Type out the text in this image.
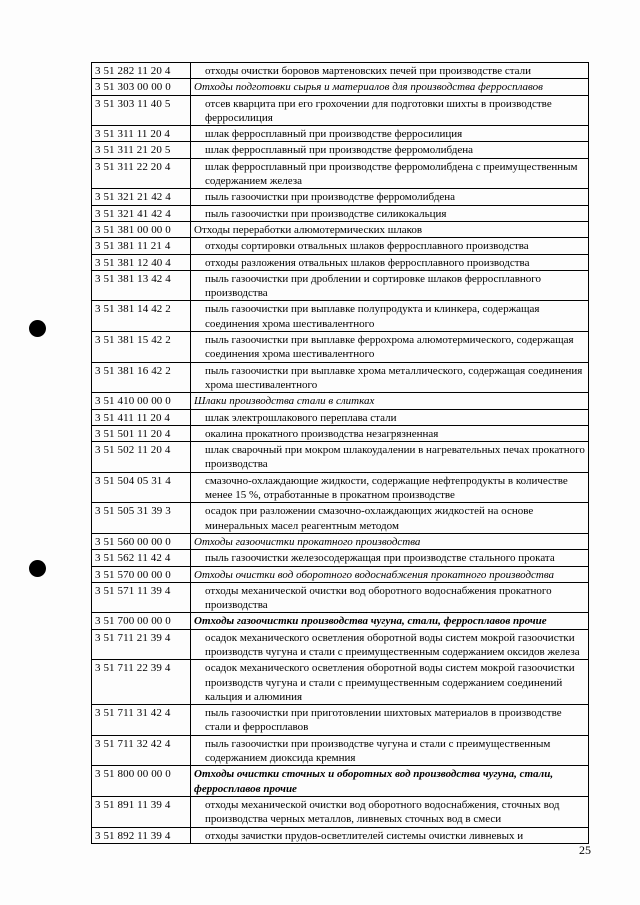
3 51 282 11 20 4	отходы очистки боровов мартеновских печей при производстве стали
3 51 303 00 00 0	Отходы подготовки сырья и материалов для производства ферросплавов
3 51 303 11 40 5	отсев кварцита при его грохочении для подготовки шихты в производстве ферросилиция
3 51 311 11 20 4	шлак ферросплавный при производстве ферросилиция
3 51 311 21 20 5	шлак ферросплавный при производстве ферромолибдена
3 51 311 22 20 4	шлак ферросплавный при производстве ферромолибдена с преимущественным содержанием железа
3 51 321 21 42 4	пыль газоочистки при производстве ферромолибдена
3 51 321 41 42 4	пыль газоочистки при производстве силикокальция
3 51 381 00 00 0	Отходы переработки алюмотермических шлаков
3 51 381 11 21 4	отходы сортировки отвальных шлаков ферросплавного производства
3 51 381 12 40 4	отходы разложения отвальных шлаков ферросплавного производства
3 51 381 13 42 4	пыль газоочистки при дроблении и сортировке шлаков ферросплавного производства
3 51 381 14 42 2	пыль газоочистки при выплавке полупродукта и клинкера, содержащая соединения хрома шестивалентного
3 51 381 15 42 2	пыль газоочистки при выплавке феррохрома алюмотермического, содержащая соединения хрома шестивалентного
3 51 381 16 42 2	пыль газоочистки при выплавке хрома металлического, содержащая соединения хрома шестивалентного
3 51 410 00 00 0	Шлаки производства стали в слитках
3 51 411 11 20 4	шлак электрошлакового переплава стали
3 51 501 11 20 4	окалина прокатного производства незагрязненная
3 51 502 11 20 4	шлак сварочный при мокром шлакоудалении в нагревательных печах прокатного производства
3 51 504 05 31 4	смазочно-охлаждающие жидкости, содержащие нефтепродукты в количестве менее 15 %, отработанные в прокатном производстве
3 51 505 31 39 3	осадок при разложении смазочно-охлаждающих жидкостей на основе минеральных масел реагентным методом
3 51 560 00 00 0	Отходы газоочистки прокатного производства
3 51 562 11 42 4	пыль газоочистки железосодержащая при производстве стального проката
3 51 570 00 00 0	Отходы очистки вод оборотного водоснабжения прокатного производства
3 51 571 11 39 4	отходы механической очистки вод оборотного водоснабжения прокатного производства
3 51 700 00 00 0	Отходы газоочистки производства чугуна, стали, ферросплавов прочие
3 51 711 21 39 4	осадок механического осветления оборотной воды систем мокрой газоочистки производств чугуна и стали с преимущественным содержанием оксидов железа
3 51 711 22 39 4	осадок механического осветления оборотной воды систем мокрой газоочистки производств чугуна и стали с преимущественным содержанием соединений кальция и алюминия
3 51 711 31 42 4	пыль газоочистки при приготовлении шихтовых материалов в производстве стали и ферросплавов
3 51 711 32 42 4	пыль газоочистки при производстве чугуна и стали с преимущественным содержанием диоксида кремния
3 51 800 00 00 0	Отходы очистки сточных и оборотных вод производства чугуна, стали, ферросплавов прочие
3 51 891 11 39 4	отходы механической очистки вод оборотного водоснабжения, сточных вод производства черных металлов, ливневых сточных вод в смеси
3 51 892 11 39 4	отходы зачистки прудов-осветлителей системы очистки ливневых и
25
